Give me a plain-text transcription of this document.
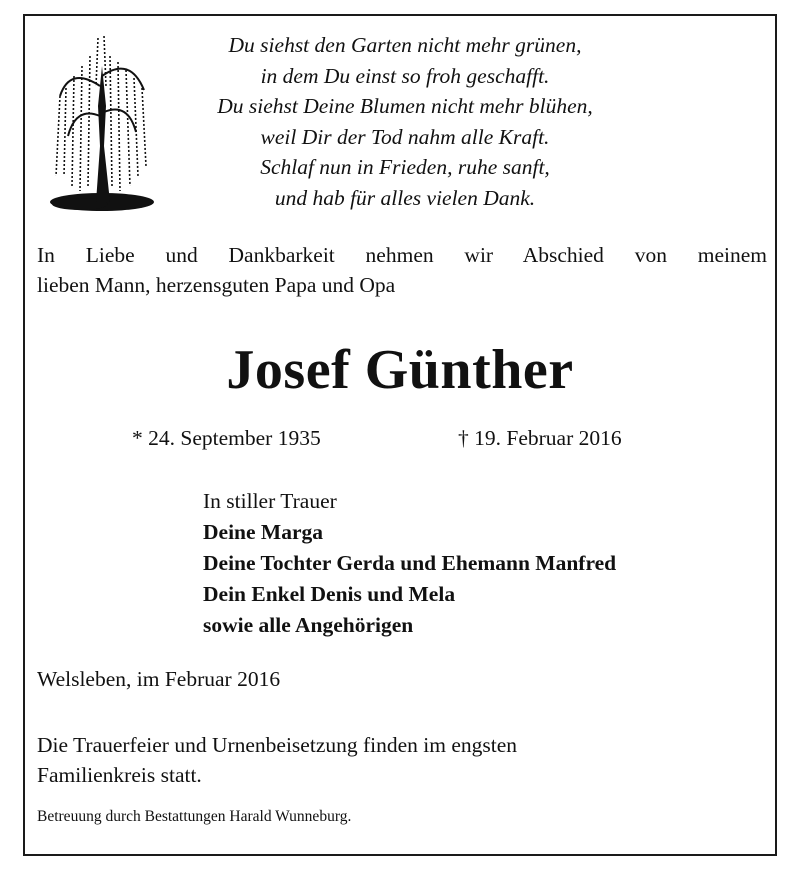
Du siehst den Garten nicht mehr grünen,
in dem Du einst so froh geschafft.
Du siehst Deine Blumen nicht mehr blühen,
weil Dir der Tod nahm alle Kraft.
Schlaf nun in Frieden, ruhe sanft,
und hab für alles vielen Dank.
In Liebe und Dankbarkeit nehmen wir Abschied von meinem
lieben Mann, herzensguten Papa und Opa
Josef Günther
* 24. September 1935	† 19. Februar 2016
In stiller Trauer
Deine Marga
Deine Tochter Gerda und Ehemann Manfred
Dein Enkel Denis und Mela
sowie alle Angehörigen
Welsleben, im Februar 2016
Die Trauerfeier und Urnenbeisetzung finden im engsten
Familienkreis statt.
Betreuung durch Bestattungen Harald Wunneburg.
